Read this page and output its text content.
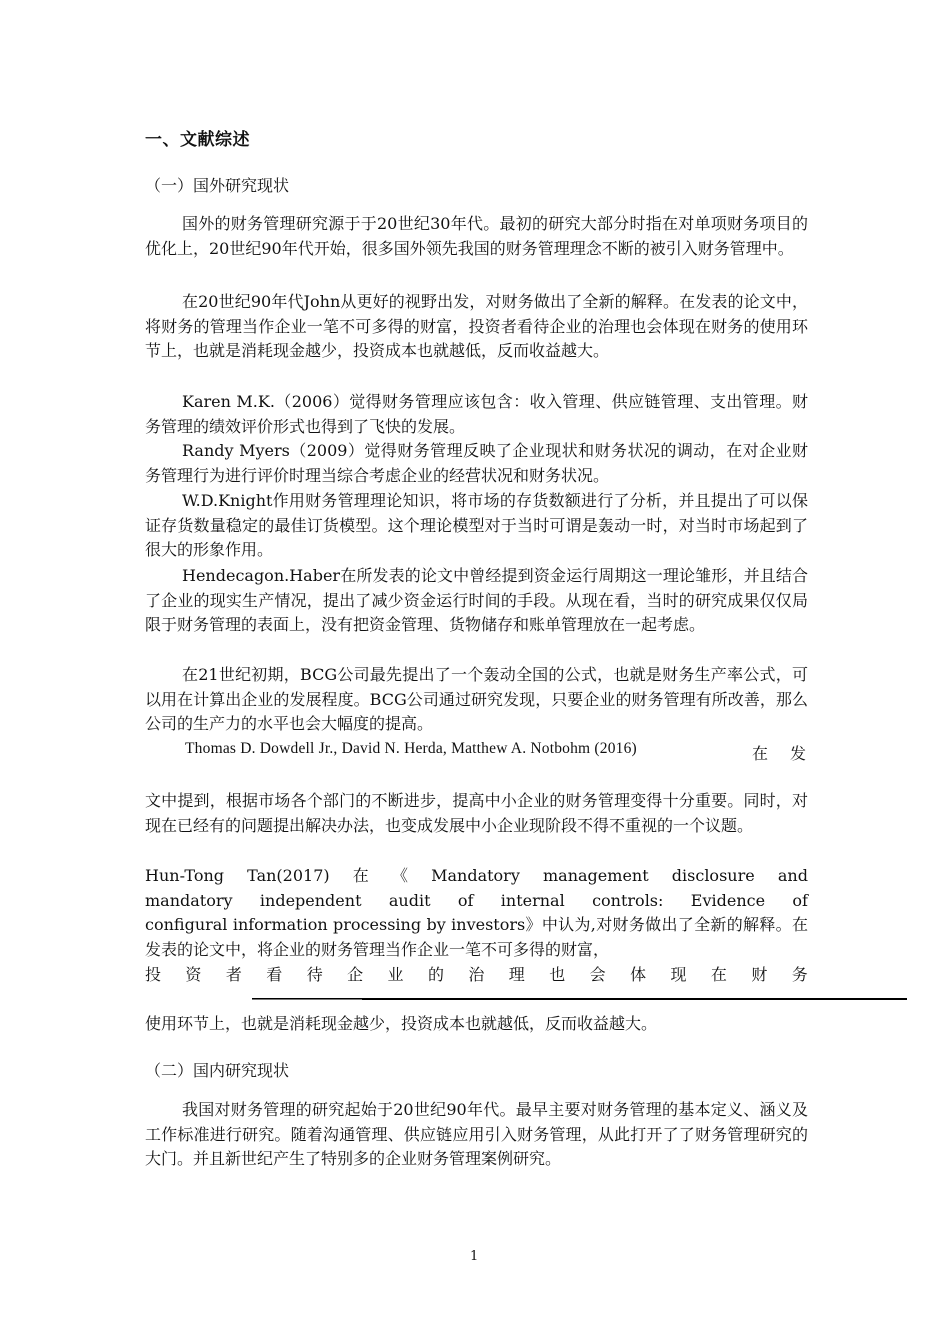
一、文献综述
（一）国外研究现状

国外的财务管理研究源于于20世纪30年代。最初的研究大部分时指在对单项财务项目的优化上，20世纪90年代开始，很多国外领先我国的财务管理理念不断的被引入财务管理中。

在20世纪90年代John从更好的视野出发，对财务做出了全新的解释。在发表的论文中，将财务的管理当作企业一笔不可多得的财富，投资者看待企业的治理也会体现在财务的使用环节上，也就是消耗现金越少，投资成本也就越低，反而收益越大。

Karen M.K.（2006）觉得财务管理应该包含：收入管理、供应链管理、支出管理。财务管理的绩效评价形式也得到了飞快的发展。

Randy Myers（2009）觉得财务管理反映了企业现状和财务状况的调动，在对企业财务管理行为进行评价时理当综合考虑企业的经营状况和财务状况。

W.D.Knight作用财务管理理论知识，将市场的存货数额进行了分析，并且提出了可以保证存货数量稳定的最佳订货模型。这个理论模型对于当时可谓是轰动一时，对当时市场起到了很大的形象作用。

Hendecagon.Haber在所发表的论文中曾经提到资金运行周期这一理论雏形，并且结合了企业的现实生产情况，提出了减少资金运行时间的手段。从现在看，当时的研究成果仅仅局限于财务管理的表面上，没有把资金管理、货物储存和账单管理放在一起考虑。

在21世纪初期，BCG公司最先提出了一个轰动全国的公式，也就是财务生产率公式，可以用在计算出企业的发展程度。BCG公司通过研究发现，只要企业的财务管理有所改善，那么公司的生产力的水平也会大幅度的提高。

Thomas D. Dowdell Jr., David N. Herda, Matthew A. Notbohm (2016)	在 发

文中提到，根据市场各个部门的不断进步，提高中小企业的财务管理变得十分重要。同时，对现在已经有的问题提出解决办法，也变成发展中小企业现阶段不得不重视的一个议题。

Hun-Tong Tan(2017) 在 《 Mandatory management disclosure and
mandatory independent audit of internal controls: Evidence of

configural information processing by investors》中认为,对财务做出了全新的解释。在发表的论文中，将企业的财务管理当作企业一笔不可多得的财富，

投 资 者 看 待 企 业 的 治 理 也 会 体 现 在 财 务

使用环节上，也就是消耗现金越少，投资成本也就越低，反而收益越大。

（二）国内研究现状

我国对财务管理的研究起始于20世纪90年代。最早主要对财务管理的基本定义、涵义及工作标准进行研究。随着沟通管理、供应链应用引入财务管理，从此打开了了财务管理研究的大门。并且新世纪产生了特别多的企业财务管理案例研究。

1
